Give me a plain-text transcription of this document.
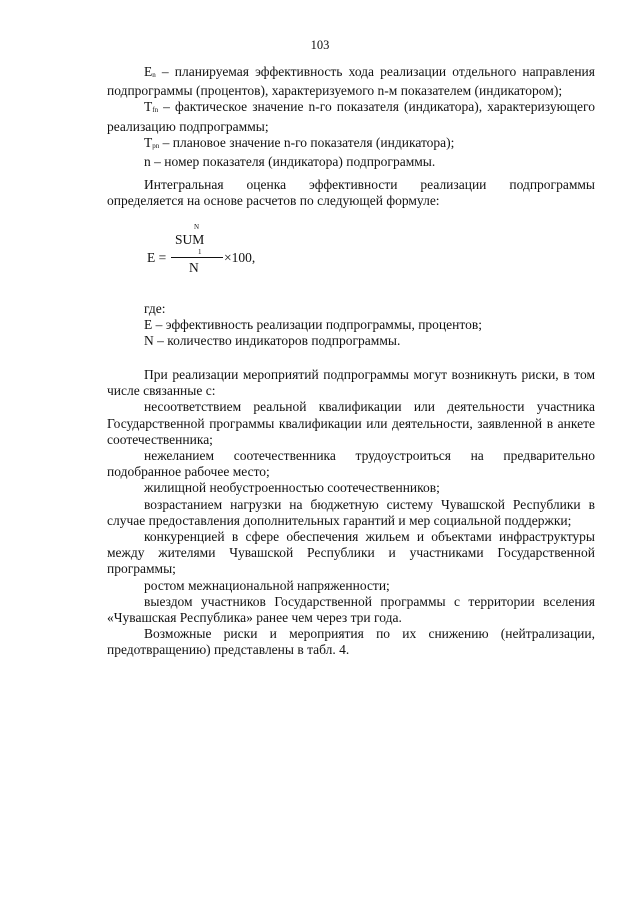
103

$E_n$ – планируемая эффективность хода реализации отдельного направления подпрограммы (процентов), характеризуемого n-м показателем (индикатором);

$T_{fn}$ – фактическое значение n-го показателя (индикатора), характеризующего реализацию подпрограммы;

$T_{pn}$ – плановое значение n-го показателя (индикатора);

n – номер показателя (индикатора) подпрограммы.

Интегральная оценка эффективности реализации подпрограммы определяется на основе расчетов по следующей формуле:

N
SUM
1
E =
N
×100,

где:

E – эффективность реализации подпрограммы, процентов;

N – количество индикаторов подпрограммы.

При реализации мероприятий подпрограммы могут возникнуть риски, в том числе связанные с:

несоответствием реальной квалификации или деятельности участника Государственной программы квалификации или деятельности, заявленной в анкете соотечественника;

нежеланием соотечественника трудоустроиться на предварительно подобранное рабочее место;

жилищной необустроенностью соотечественников;

возрастанием нагрузки на бюджетную систему Чувашской Республики в случае предоставления дополнительных гарантий и мер социальной поддержки;

конкуренцией в сфере обеспечения жильем и объектами инфраструктуры между жителями Чувашской Республики и участниками Государственной программы;

ростом межнациональной напряженности;

выездом участников Государственной программы с территории вселения «Чувашская Республика» ранее чем через три года.

Возможные риски и мероприятия по их снижению (нейтрализации, предотвращению) представлены в табл. 4.
